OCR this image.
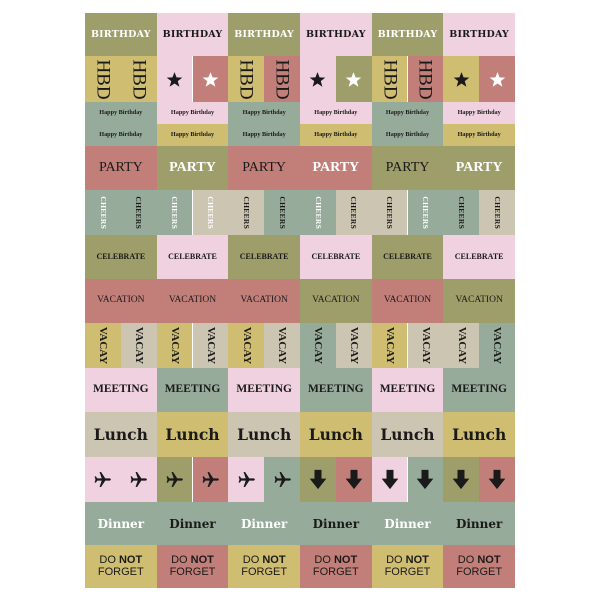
BIRTHDAY BIRTHDAY BIRTHDAY BIRTHDAY BIRTHDAY BIRTHDAY
HBD HBD	HBD HBD	HBD HBD
Happy Birthday	Happy Birthday	Happy Birthday	Happy Birthday	Happy Birthday	Happy Birthday
Happy Birthday	Happy Birthday	Happy Birthday	Happy Birthday	Happy Birthday	Happy Birthday
PARTY PARTY PARTY PARTY PARTY PARTY
CHEERS	CHEERS	CHEERS	CHEERS	CHEERS	CHEERS	CHEERS	CHEERS	CHEERS	CHEERS	CHEERS	CHEERS
CELEBRATE	CELEBRATE	CELEBRATE	CELEBRATE	CELEBRATE	CELEBRATE
VACATION	VACATION	VACATION	VACATION	VACATION	VACATION
VACAY VACAY VACAY VACAY VACAY VACAY VACAY VACAY VACAY VACAY VACAY VACAY
MEETING MEETING MEETING MEETING MEETING MEETING
Lunch Lunch Lunch Lunch Lunch Lunch
Dinner Dinner Dinner Dinner Dinner Dinner
DO NOT
FORGET
DO NOT
FORGET
DO NOT
FORGET
DO NOT
FORGET
DO NOT
FORGET
DO NOT
FORGET
